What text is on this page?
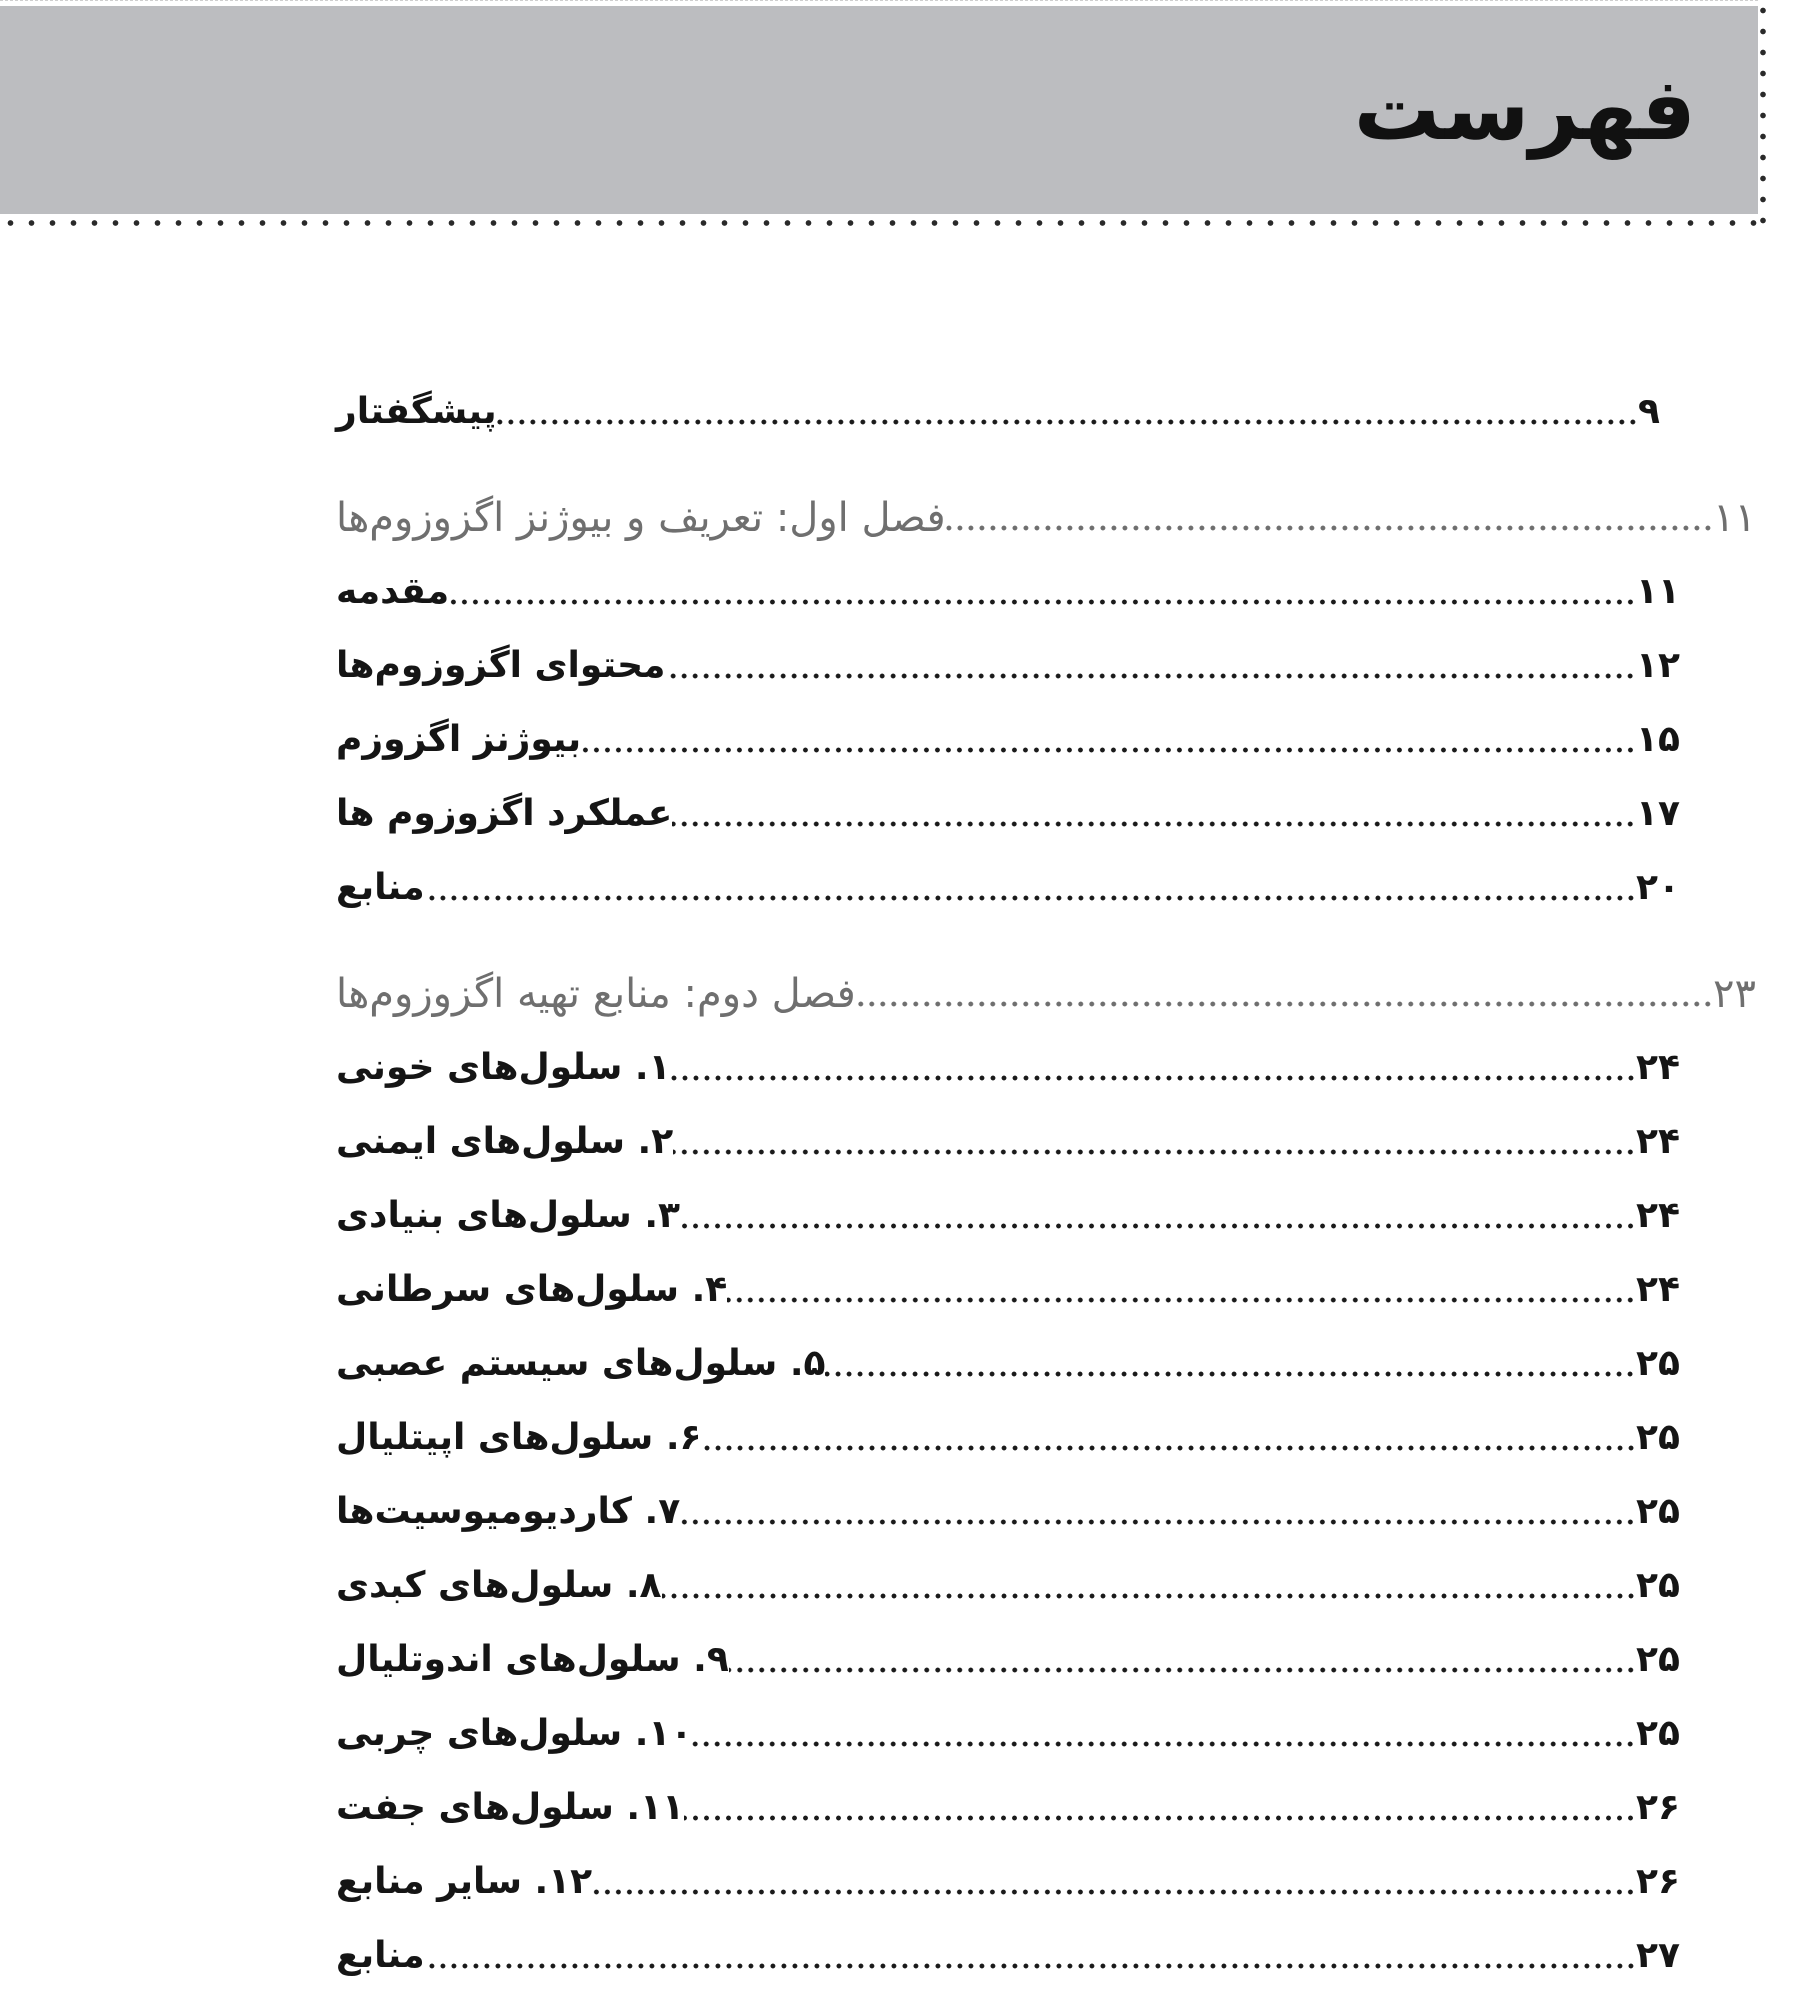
فهرست
پیشگفتار	۹
فصل اول: تعریف و بیوژنز اگزوزوم‌ها	۱۱
مقدمه	۱۱
محتوای اگزوزوم‌ها	۱۲
بیوژنز اگزوزم	۱۵
عملکرد اگزوزوم ها	۱۷
منابع	۲۰
فصل دوم: منابع تهیه اگزوزوم‌ها	۲۳
۱. سلول‌های خونی	۲۴
۲. سلول‌های ایمنی	۲۴
۳. سلول‌های بنیادی	۲۴
۴. سلول‌های سرطانی	۲۴
۵. سلول‌های سیستم عصبی	۲۵
۶. سلول‌های اپیتلیال	۲۵
۷. کاردیومیوسیت‌ها	۲۵
۸. سلول‌های کبدی	۲۵
۹. سلول‌های اندوتلیال	۲۵
۱۰. سلول‌های چربی	۲۵
۱۱. سلول‌های جفت	۲۶
۱۲. سایر منابع	۲۶
منابع	۲۷
